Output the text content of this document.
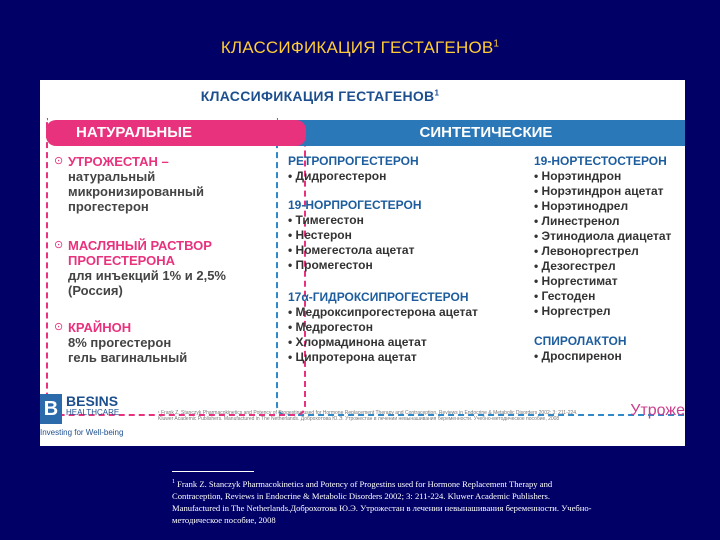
КЛАССИФИКАЦИЯ ГЕСТАГЕНОВ$^1$
КЛАССИФИКАЦИЯ ГЕСТАГЕНОВ$^1$
СИНТЕТИЧЕСКИЕ
НАТУРАЛЬНЫЕ
⊙ УТРОЖЕСТАН –
натуральный
микронизированный
прогестерон
⊙ МАСЛЯНЫЙ РАСТВОР ПРОГЕСТЕРОНА
для инъекций 1% и 2,5%
(Россия)
⊙ КРАЙНОН
8% прогестерон
гель вагинальный
РЕТРОПРОГЕСТЕРОН
• Дидрогестерон
19-НОРПРОГЕСТЕРОН
• Тимегестон
• Нестерон
• Номегестола ацетат
• Промегестон
17α-ГИДРОКСИПРОГЕСТЕРОН
• Медроксипрогестерона ацетат
• Медрогестон
• Хлормадинона ацетат
• Ципротерона ацетат
19-НОРТЕСТОСТЕРОН
• Норэтиндрон
• Норэтиндрон ацетат
• Норэтинодрел
• Линестренол
• Этинодиола диацетат
• Левоноргестрел
• Дезогестрел
• Норгестимат
• Гестоден
• Норгестрел
СПИРОЛАКТОН
• Дроспиренон
B BESINS
HEALTHCARE
Investing for Well-being
¹ Frank Z. Stanczyk Pharmacokinetics and Potency of Progestins used for Hormone Replacement Therapy and Contraception, Reviews in Endocrine & Metabolic Disorders 2002; 3: 211-224. Kluwer Academic Publishers. Manufactured in The Netherlands. Доброхотова Ю.Э. Утрожестан в лечении невынашивания беременности. Учебно-методическое пособие, 2008	Утроже
$^1$ Frank Z. Stanczyk Pharmacokinetics and Potency of Progestins used for Hormone Replacement Therapy and Contraception, Reviews in Endocrine & Metabolic Disorders 2002; 3: 211-224. Kluwer Academic Publishers. Manufactured in The Netherlands.Доброхотова Ю.Э. Утрожестан в лечении невынашивания беременности. Учебно-методическое пособие, 2008
